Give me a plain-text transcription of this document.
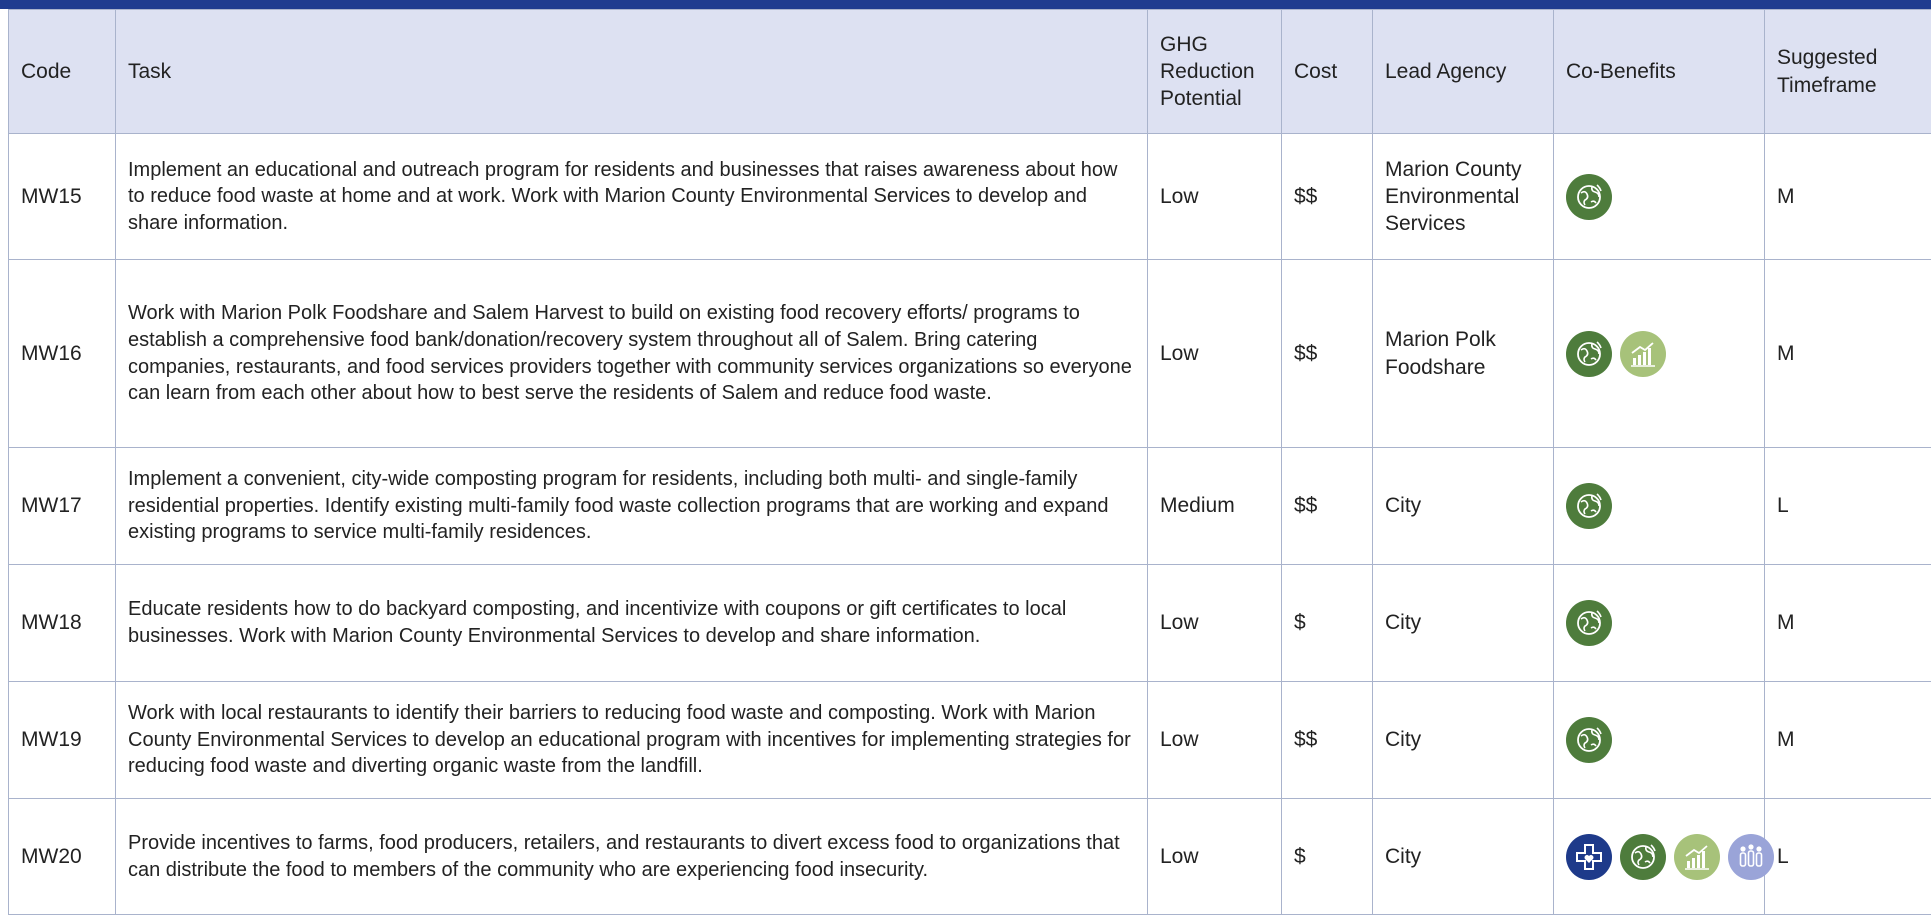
Code	Task	GHG Reduction Potential	Cost	Lead Agency	Co-Benefits	Suggested Timeframe
MW15	Implement an educational and outreach program for residents and businesses that raises awareness about how to reduce food waste at home and at work. Work with Marion County Environmental Services to develop and share information.	Low	$$	Marion County Environmental Services		M
MW16	Work with Marion Polk Foodshare and Salem Harvest to build on existing food recovery efforts/ programs to establish a comprehensive food bank/donation/recovery system throughout all of Salem. Bring catering companies, restaurants, and food services providers together with community services organizations so everyone can learn from each other about how to best serve the residents of Salem and reduce food waste.	Low	$$	Marion Polk Foodshare		M
MW17	Implement a convenient, city-wide composting program for residents, including both multi- and single-family residential properties. Identify existing multi-family food waste collection programs that are working and expand existing programs to service multi-family residences.	Medium	$$	City		L
MW18	Educate residents how to do backyard composting, and incentivize with coupons or gift certificates to local businesses. Work with Marion County Environmental Services to develop and share information.	Low	$	City		M
MW19	Work with local restaurants to identify their barriers to reducing food waste and composting. Work with Marion County Environmental Services to develop an educational program with incentives for implementing strategies for reducing food waste and diverting organic waste from the landfill.	Low	$$	City		M
MW20	Provide incentives to farms, food producers, retailers, and restaurants to divert excess food to organizations that can distribute the food to members of the community who are experiencing food insecurity.	Low	$	City		L
